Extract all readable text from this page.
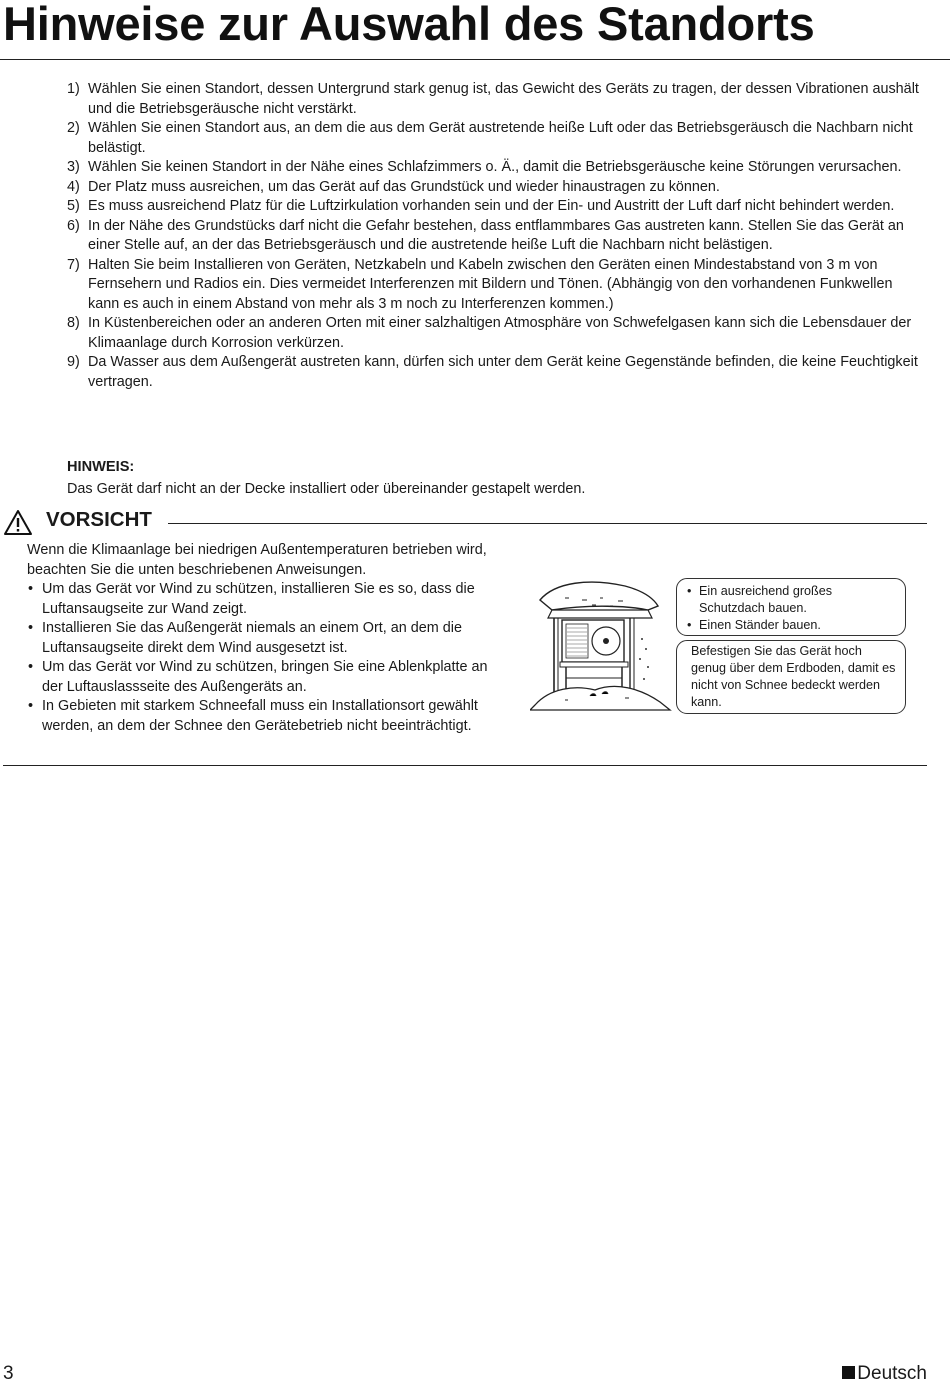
Hinweise zur Auswahl des Standorts
1) Wählen Sie einen Standort, dessen Untergrund stark genug ist, das Gewicht des Geräts zu tragen, der dessen Vibrationen aushält und die Betriebsgeräusche nicht verstärkt.
2) Wählen Sie einen Standort aus, an dem die aus dem Gerät austretende heiße Luft oder das Betriebsgeräusch die Nachbarn nicht belästigt.
3) Wählen Sie keinen Standort in der Nähe eines Schlafzimmers o. Ä., damit die Betriebsgeräusche keine Störungen verursachen.
4) Der Platz muss ausreichen, um das Gerät auf das Grundstück und wieder hinaustragen zu können.
5) Es muss ausreichend Platz für die Luftzirkulation vorhanden sein und der Ein- und Austritt der Luft darf nicht behindert werden.
6) In der Nähe des Grundstücks darf nicht die Gefahr bestehen, dass entflammbares Gas austreten kann. Stellen Sie das Gerät an einer Stelle auf, an der das Betriebsgeräusch und die austretende heiße Luft die Nachbarn nicht belästigen.
7) Halten Sie beim Installieren von Geräten, Netzkabeln und Kabeln zwischen den Geräten einen Mindestabstand von 3 m von Fernsehern und Radios ein. Dies vermeidet Interferenzen mit Bildern und Tönen. (Abhängig von den vorhandenen Funkwellen kann es auch in einem Abstand von mehr als 3 m noch zu Interferenzen kommen.)
8) In Küstenbereichen oder an anderen Orten mit einer salzhaltigen Atmosphäre von Schwefelgasen kann sich die Lebensdauer der Klimaanlage durch Korrosion verkürzen.
9) Da Wasser aus dem Außengerät austreten kann, dürfen sich unter dem Gerät keine Gegenstände befinden, die keine Feuchtigkeit vertragen.
HINWEIS:
Das Gerät darf nicht an der Decke installiert oder übereinander gestapelt werden.
VORSICHT
Wenn die Klimaanlage bei niedrigen Außentemperaturen betrieben wird, beachten Sie die unten beschriebenen Anweisungen.
• Um das Gerät vor Wind zu schützen, installieren Sie es so, dass die Luftansaugseite zur Wand zeigt.
• Installieren Sie das Außengerät niemals an einem Ort, an dem die Luftansaugseite direkt dem Wind ausgesetzt ist.
• Um das Gerät vor Wind zu schützen, bringen Sie eine Ablenkplatte an der Luftauslassseite des Außengeräts an.
• In Gebieten mit starkem Schneefall muss ein Installationsort gewählt werden, an dem der Schnee den Gerätebetrieb nicht beeinträchtigt.
• Ein ausreichend großes Schutzdach bauen.
• Einen Ständer bauen.
Befestigen Sie das Gerät hoch genug über dem Erdboden, damit es nicht von Schnee bedeckt werden kann.
3	Deutsch
